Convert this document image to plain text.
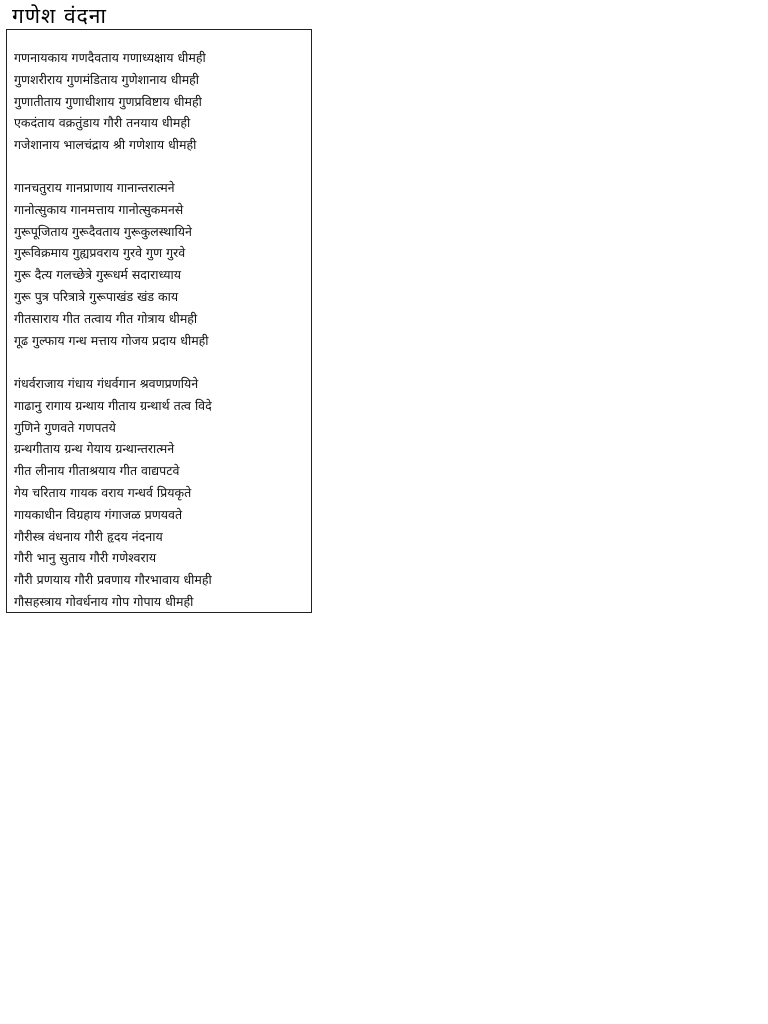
गणेश वंदना
गणनायकाय गणदैवताय गणाध्यक्षाय धीमही
गुणशरीराय गुणमंडिताय गुणेशानाय धीमही
गुणातीताय गुणाधीशाय गुणप्रविष्टाय धीमही
एकदंताय वक्रतुंडाय गौरी तनयाय धीमही
गजेशानाय भालचंद्राय श्री गणेशाय धीमही
गानचतुराय गानप्राणाय गानान्तरात्मने
गानोत्सुकाय गानमत्ताय गानोत्सुकमनसे
गुरूपूजिताय गुरूदैवताय गुरूकुलस्थायिने
गुरूविक्रमाय गुह्यप्रवराय गुरवे गुण गुरवे
गुरू दैत्य गलच्छेत्रे गुरूधर्म सदाराध्याय
गुरू पुत्र परित्रात्रे गुरूपाखंड खंड काय
गीतसाराय गीत तत्वाय गीत गोत्राय धीमही
गूढ गुल्फाय गन्ध मत्ताय गोजय प्रदाय धीमही
गंधर्वराजाय गंधाय गंधर्वगान श्रवणप्रणयिने
गाढानु रागाय ग्रन्थाय गीताय ग्रन्थार्थ तत्व विदे
गुणिने गुणवते गणपतये
ग्रन्थगीताय ग्रन्थ गेयाय ग्रन्थान्तरात्मने
गीत लीनाय गीताश्रयाय गीत वाद्यपटवे
गेय चरिताय गायक वराय गन्धर्व प्रियकृते
गायकाधीन विग्रहाय गंगाजळ प्रणयवते
गौरीस्त्र वंधनाय गौरी हृदय नंदनाय
गौरी भानु सुताय गौरी गणेश्वराय
गौरी प्रणयाय गौरी प्रवणाय गौरभावाय धीमही
गौसहस्त्राय गोवर्धनाय गोप गोपाय धीमही
